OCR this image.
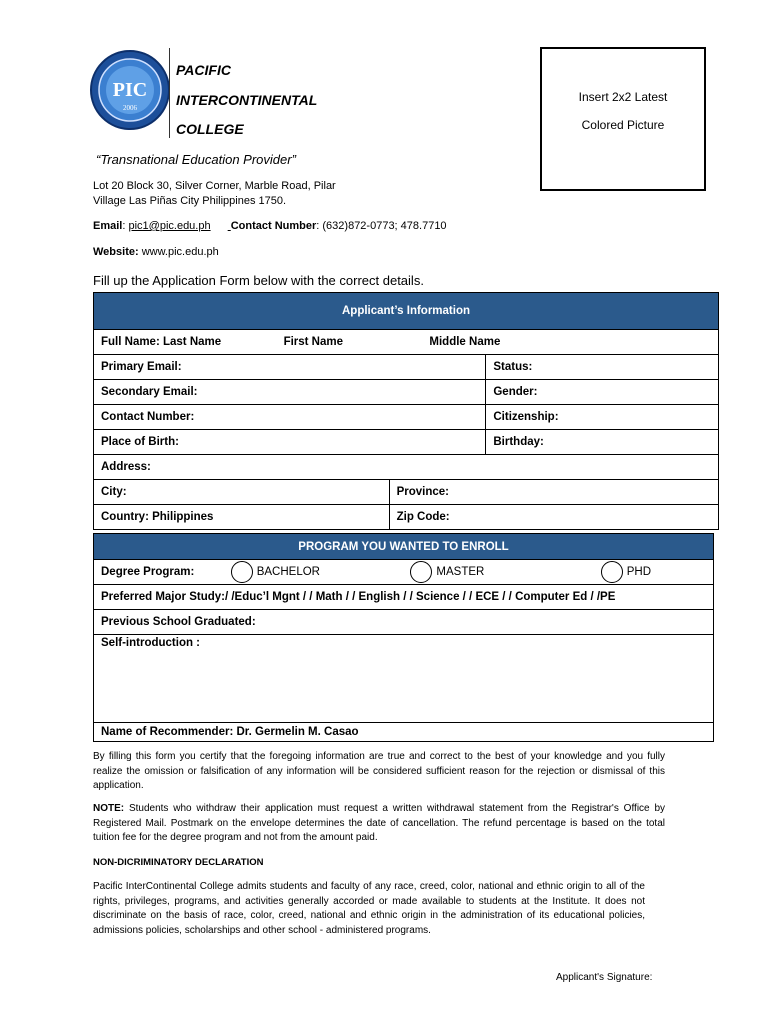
PIC
2006
PACIFIC
INTERCONTINENTAL
COLLEGE
“Transnational Education Provider”
Lot 20 Block 30, Silver Corner, Marble Road, Pilar
Village Las Piñas City Philippines 1750.
Email: pic1@pic.edu.ph Contact Number: (632)872-0773; 478.7710
Website: www.pic.edu.ph
Insert 2x2 Latest
Colored Picture
Fill up the Application Form below with the correct details.
Applicant’s Information		
Full Name: Last Name First Name Middle Name		
Primary Email:		Status:
Secondary Email:		Gender:
Contact Number:		Citizenship:
Place of Birth:		Birthday:
Address:		
City:	Province:	
Country: Philippines	Zip Code:	
PROGRAM YOU WANTED TO ENROLL
Degree Program:	BACHELOR	MASTER	PHD
Preferred Major Study:/ /Educ’l Mgnt / / Math / / English / / Science / / ECE / / Computer Ed / /PE
Previous School Graduated:
Self-introduction :
Name of Recommender: Dr. Germelin M. Casao
By filling this form you certify that the foregoing information are true and correct to the best of your knowledge and you fully realize the omission or falsification of any information will be considered sufficient reason for the rejection or dismissal of this application.
NOTE: Students who withdraw their application must request a written withdrawal statement from the Registrar's Office by Registered Mail. Postmark on the envelope determines the date of cancellation. The refund percentage is based on the total tuition fee for the degree program and not from the amount paid.
NON-DICRIMINATORY DECLARATION
Pacific InterContinental College admits students and faculty of any race, creed, color, national and ethnic origin to all of the rights, privileges, programs, and activities generally accorded or made available to students at the Institute. It does not discriminate on the basis of race, color, creed, national and ethnic origin in the administration of its educational policies, admissions policies, scholarships and other school - administered programs.
Applicant's Signature:
